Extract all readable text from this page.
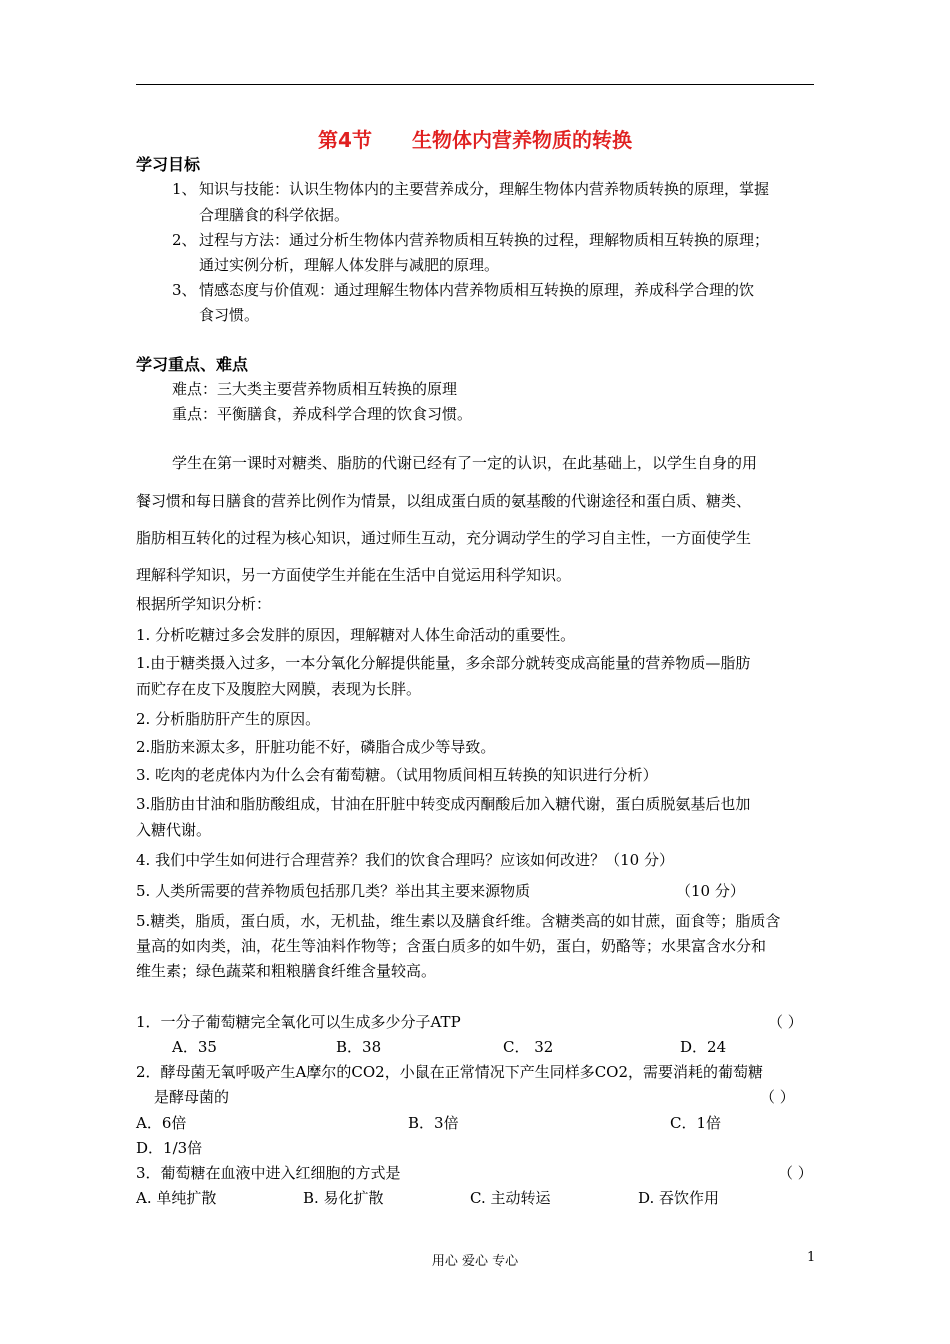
第4节 生物体内营养物质的转换
学习目标
1、 知识与技能：认识生物体内的主要营养成分，理解生物体内营养物质转换的原理，掌握
合理膳食的科学依据。
2、 过程与方法：通过分析生物体内营养物质相互转换的过程，理解物质相互转换的原理；
通过实例分析，理解人体发胖与减肥的原理。
3、 情感态度与价值观：通过理解生物体内营养物质相互转换的原理，养成科学合理的饮
食习惯。
学习重点、难点
难点：三大类主要营养物质相互转换的原理
重点：平衡膳食，养成科学合理的饮食习惯。
学生在第一课时对糖类、脂肪的代谢已经有了一定的认识，在此基础上，以学生自身的用
餐习惯和每日膳食的营养比例作为情景，以组成蛋白质的氨基酸的代谢途径和蛋白质、糖类、
脂肪相互转化的过程为核心知识，通过师生互动，充分调动学生的学习自主性，一方面使学生
理解科学知识，另一方面使学生并能在生活中自觉运用科学知识。
根据所学知识分析：
1. 分析吃糖过多会发胖的原因，理解糖对人体生命活动的重要性。
1.由于糖类摄入过多，一本分氧化分解提供能量，多余部分就转变成高能量的营养物质—脂肪
而贮存在皮下及腹腔大网膜，表现为长胖。
2. 分析脂肪肝产生的原因。
2.脂肪来源太多，肝脏功能不好，磷脂合成少等导致。
3. 吃肉的老虎体内为什么会有葡萄糖。（试用物质间相互转换的知识进行分析）
3.脂肪由甘油和脂肪酸组成，甘油在肝脏中转变成丙酮酸后加入糖代谢，蛋白质脱氨基后也加
入糖代谢。
4. 我们中学生如何进行合理营养？我们的饮食合理吗？应该如何改进？（10 分）
5. 人类所需要的营养物质包括那几类？举出其主要来源物质	（10 分）
5.糖类，脂质，蛋白质，水，无机盐，维生素以及膳食纤维。含糖类高的如甘蔗，面食等；脂质含
量高的如肉类，油，花生等油料作物等；含蛋白质多的如牛奶，蛋白，奶酪等；水果富含水分和
维生素；绿色蔬菜和粗粮膳食纤维含量较高。
1．一分子葡萄糖完全氧化可以生成多少分子ATP	（ ）
A．35	B．38	C． 32	D．24
2．酵母菌无氧呼吸产生A摩尔的CO2，小鼠在正常情况下产生同样多CO2，需要消耗的葡萄糖
是酵母菌的	（ ）
A．6倍	B．3倍	C．1倍
D．1/3倍
3．葡萄糖在血液中进入红细胞的方式是	（ ）
A. 单纯扩散	B. 易化扩散	C. 主动转运	D. 吞饮作用
用心 爱心 专心	1
